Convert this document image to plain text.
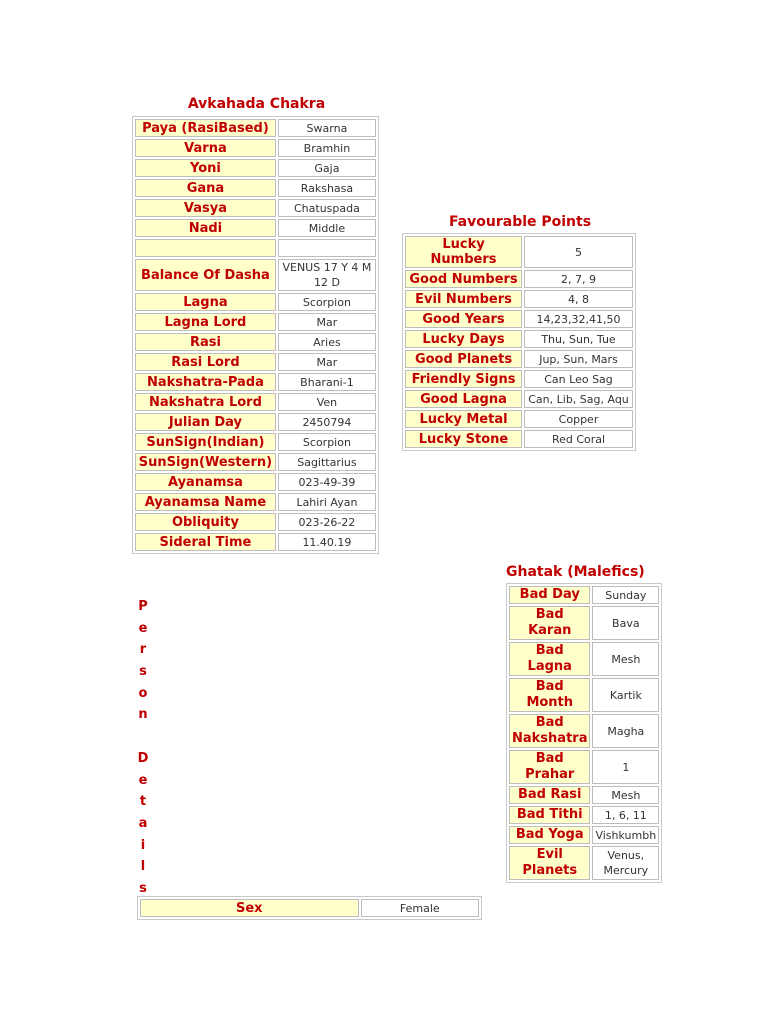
Avkahada Chakra
Paya (RasiBased)	Swarna
Varna	Bramhin
Yoni	Gaja
Gana	Rakshasa
Vasya	Chatuspada
Nadi	Middle

Balance Of Dasha	VENUS 17 Y 4 M 12 D
Lagna	Scorpion
Lagna Lord	Mar
Rasi	Aries
Rasi Lord	Mar
Nakshatra-Pada	Bharani-1
Nakshatra Lord	Ven
Julian Day	2450794
SunSign(Indian)	Scorpion
SunSign(Western)	Sagittarius
Ayanamsa	023-49-39
Ayanamsa Name	Lahiri Ayan
Obliquity	023-26-22
Sideral Time	11.40.19
Favourable Points
Lucky Numbers	5
Good Numbers	2, 7, 9
Evil Numbers	4, 8
Good Years	14,23,32,41,50
Lucky Days	Thu, Sun, Tue
Good Planets	Jup, Sun, Mars
Friendly Signs	Can Leo Sag
Good Lagna	Can, Lib, Sag, Aqu
Lucky Metal	Copper
Lucky Stone	Red Coral
Ghatak (Malefics)
Bad Day	Sunday
Bad Karan	Bava
Bad Lagna	Mesh
Bad Month	Kartik
Bad Nakshatra	Magha
Bad Prahar	1
Bad Rasi	Mesh
Bad Tithi	1, 6, 11
Bad Yoga	Vishkumbh
Evil Planets	Venus, Mercury
P
e
r
s
o
n

D
e
t
a
i
l
s
Sex	Female
